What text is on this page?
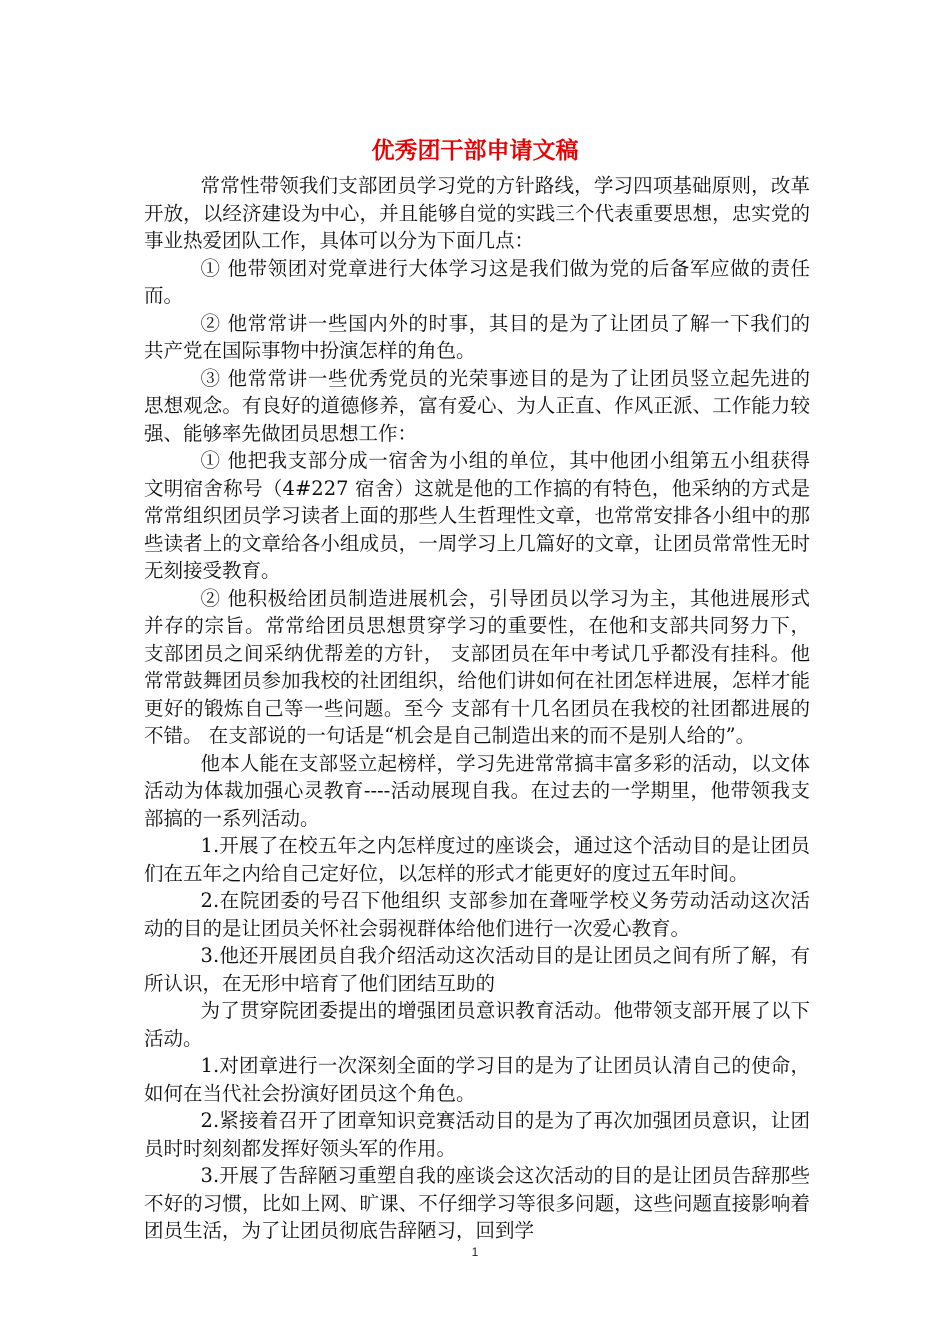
优秀团干部申请文稿

常常性带领我们支部团员学习党的方针路线，学习四项基础原则，改革开放，以经济建设为中心，并且能够自觉的实践三个代表重要思想，忠实党的事业热爱团队工作，具体可以分为下面几点：

① 他带领团对党章进行大体学习这是我们做为党的后备军应做的责任而。

② 他常常讲一些国内外的时事，其目的是为了让团员了解一下我们的共产党在国际事物中扮演怎样的角色。

③ 他常常讲一些优秀党员的光荣事迹目的是为了让团员竖立起先进的思想观念。有良好的道德修养，富有爱心、为人正直、作风正派、工作能力较强、能够率先做团员思想工作：

① 他把我支部分成一宿舍为小组的单位，其中他团小组第五小组获得文明宿舍称号（4#227 宿舍）这就是他的工作搞的有特色，他采纳的方式是常常组织团员学习读者上面的那些人生哲理性文章，也常常安排各小组中的那些读者上的文章给各小组成员，一周学习上几篇好的文章，让团员常常性无时无刻接受教育。

② 他积极给团员制造进展机会，引导团员以学习为主，其他进展形式并存的宗旨。常常给团员思想贯穿学习的重要性，在他和支部共同努力下， 支部团员之间采纳优帮差的方针， 支部团员在年中考试几乎都没有挂科。他常常鼓舞团员参加我校的社团组织，给他们讲如何在社团怎样进展，怎样才能更好的锻炼自己等一些问题。至今 支部有十几名团员在我校的社团都进展的不错。 在支部说的一句话是“机会是自己制造出来的而不是别人给的”。

他本人能在支部竖立起榜样，学习先进常常搞丰富多彩的活动，以文体活动为体裁加强心灵教育----活动展现自我。在过去的一学期里，他带领我支部搞的一系列活动。

1.开展了在校五年之内怎样度过的座谈会，通过这个活动目的是让团员们在五年之内给自己定好位，以怎样的形式才能更好的度过五年时间。

2.在院团委的号召下他组织 支部参加在聋哑学校义务劳动活动这次活动的目的是让团员关怀社会弱视群体给他们进行一次爱心教育。

3.他还开展团员自我介绍活动这次活动目的是让团员之间有所了解，有所认识，在无形中培育了他们团结互助的

为了贯穿院团委提出的增强团员意识教育活动。他带领支部开展了以下活动。

1.对团章进行一次深刻全面的学习目的是为了让团员认清自己的使命，如何在当代社会扮演好团员这个角色。

2.紧接着召开了团章知识竞赛活动目的是为了再次加强团员意识，让团员时时刻刻都发挥好领头军的作用。

3.开展了告辞陋习重塑自我的座谈会这次活动的目的是让团员告辞那些不好的习惯，比如上网、旷课、不仔细学习等很多问题，这些问题直接影响着团员生活，为了让团员彻底告辞陋习，回到学

1
